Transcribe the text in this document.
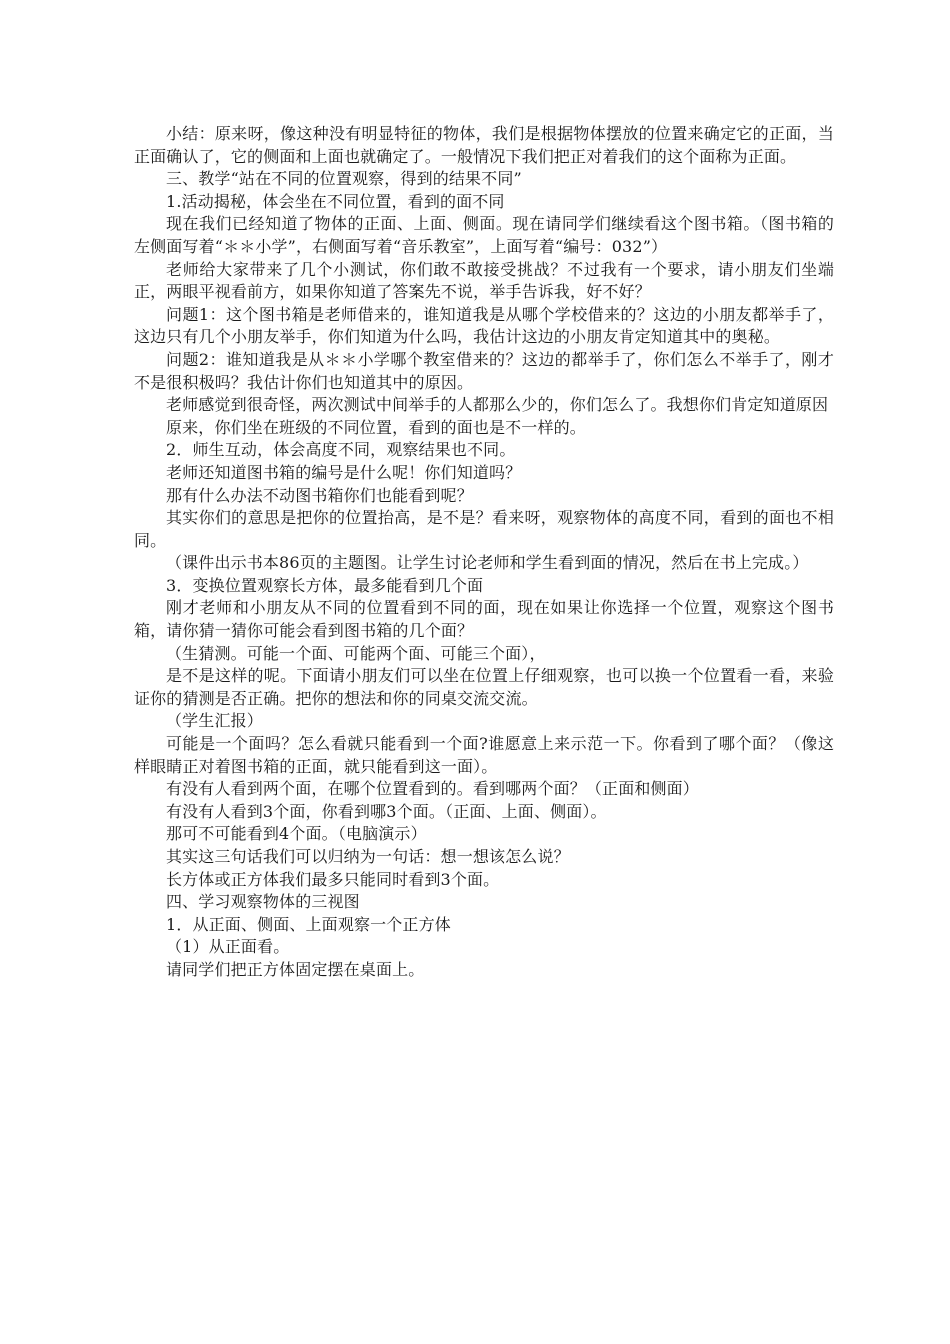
小结：原来呀，像这种没有明显特征的物体，我们是根据物体摆放的位置来确定它的正面，当正面确认了，它的侧面和上面也就确定了。一般情况下我们把正对着我们的这个面称为正面。

三、教学“站在不同的位置观察，得到的结果不同”

1.活动揭秘，体会坐在不同位置，看到的面不同

现在我们已经知道了物体的正面、上面、侧面。现在请同学们继续看这个图书箱。（图书箱的左侧面写着“＊＊小学”，右侧面写着“音乐教室”，上面写着“编号：032”）

老师给大家带来了几个小测试，你们敢不敢接受挑战？不过我有一个要求，请小朋友们坐端正，两眼平视看前方，如果你知道了答案先不说，举手告诉我，好不好？

问题1：这个图书箱是老师借来的，谁知道我是从哪个学校借来的？这边的小朋友都举手了，这边只有几个小朋友举手，你们知道为什么吗，我估计这边的小朋友肯定知道其中的奥秘。

问题2：谁知道我是从＊＊小学哪个教室借来的？这边的都举手了，你们怎么不举手了，刚才不是很积极吗？我估计你们也知道其中的原因。

老师感觉到很奇怪，两次测试中间举手的人都那么少的，你们怎么了。我想你们肯定知道原因

原来，你们坐在班级的不同位置，看到的面也是不一样的。

2．师生互动，体会高度不同，观察结果也不同。

老师还知道图书箱的编号是什么呢！你们知道吗？

那有什么办法不动图书箱你们也能看到呢？

其实你们的意思是把你的位置抬高，是不是？看来呀，观察物体的高度不同，看到的面也不相同。

（课件出示书本86页的主题图。让学生讨论老师和学生看到面的情况，然后在书上完成。）

3．变换位置观察长方体，最多能看到几个面

刚才老师和小朋友从不同的位置看到不同的面，现在如果让你选择一个位置，观察这个图书箱，请你猜一猜你可能会看到图书箱的几个面？

（生猜测。可能一个面、可能两个面、可能三个面），

是不是这样的呢。下面请小朋友们可以坐在位置上仔细观察，也可以换一个位置看一看，来验证你的猜测是否正确。把你的想法和你的同桌交流交流。

（学生汇报）

可能是一个面吗？怎么看就只能看到一个面?谁愿意上来示范一下。你看到了哪个面？（像这样眼睛正对着图书箱的正面，就只能看到这一面）。

有没有人看到两个面，在哪个位置看到的。看到哪两个面？（正面和侧面）

有没有人看到3个面，你看到哪3个面。（正面、上面、侧面）。

那可不可能看到4个面。（电脑演示）

其实这三句话我们可以归纳为一句话：想一想该怎么说？

长方体或正方体我们最多只能同时看到3个面。

四、学习观察物体的三视图

1．从正面、侧面、上面观察一个正方体

（1）从正面看。

请同学们把正方体固定摆在桌面上。
